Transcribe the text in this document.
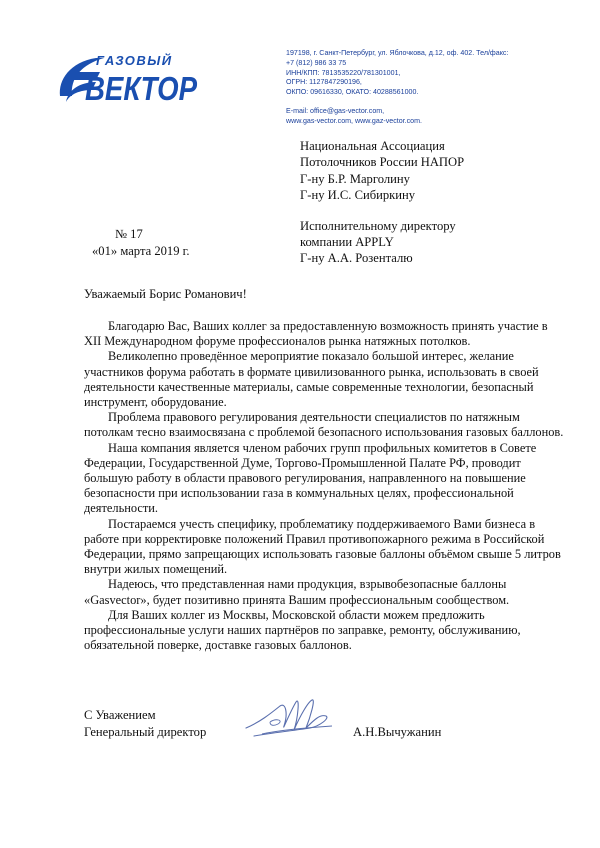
ГАЗОВЫЙ
ВЕКТОР
197198, г. Санкт-Петербург, ул. Яблочкова, д.12, оф. 402. Тел/факс:
+7 (812) 986 33 75
ИНН/КПП: 7813535220/781301001,
ОГРН: 1127847290196,
ОКПО: 09616330, ОКАТО: 40288561000.
E-mail: office@gas-vector.com,
www.gas-vector.com, www.gaz-vector.com.
Национальная Ассоциация
Потолочников России НАПОР
Г-ну Б.Р. Марголину
Г-ну И.С. Сибиркину
Исполнительному директору
компании APPLY
Г-ну А.А. Розенталю
№ 17
«01» марта 2019 г.
Уважаемый Борис Романович!

Благодарю Вас, Ваших коллег за предоставленную возможность принять участие в XII Международном форуме профессионалов рынка натяжных потолков.

Великолепно проведённое мероприятие показало большой интерес, желание участников форума работать в формате цивилизованного рынка, использовать в своей деятельности качественные материалы, самые современные технологии, безопасный инструмент, оборудование.

Проблема правового регулирования деятельности специалистов по натяжным потолкам тесно взаимосвязана с проблемой безопасного использования газовых баллонов.

Наша компания является членом рабочих групп профильных комитетов в Совете Федерации, Государственной Думе, Торгово-Промышленной Палате РФ, проводит большую работу в области правового регулирования, направленного на повышение безопасности при использовании газа в коммунальных целях, профессиональной деятельности.

Постараемся учесть специфику, проблематику поддерживаемого Вами бизнеса в работе при корректировке положений Правил противопожарного режима в Российской Федерации, прямо запрещающих использовать газовые баллоны объёмом свыше 5 литров внутри жилых помещений.

Надеюсь, что представленная нами продукция, взрывобезопасные баллоны «Gasvector», будет позитивно принята Вашим профессиональным сообществом.

Для Ваших коллег из Москвы, Московской области можем предложить профессиональные услуги наших партнёров по заправке, ремонту, обслуживанию, обязательной поверке, доставке газовых баллонов.

С Уважением
Генеральный директор	А.Н.Вычужанин
